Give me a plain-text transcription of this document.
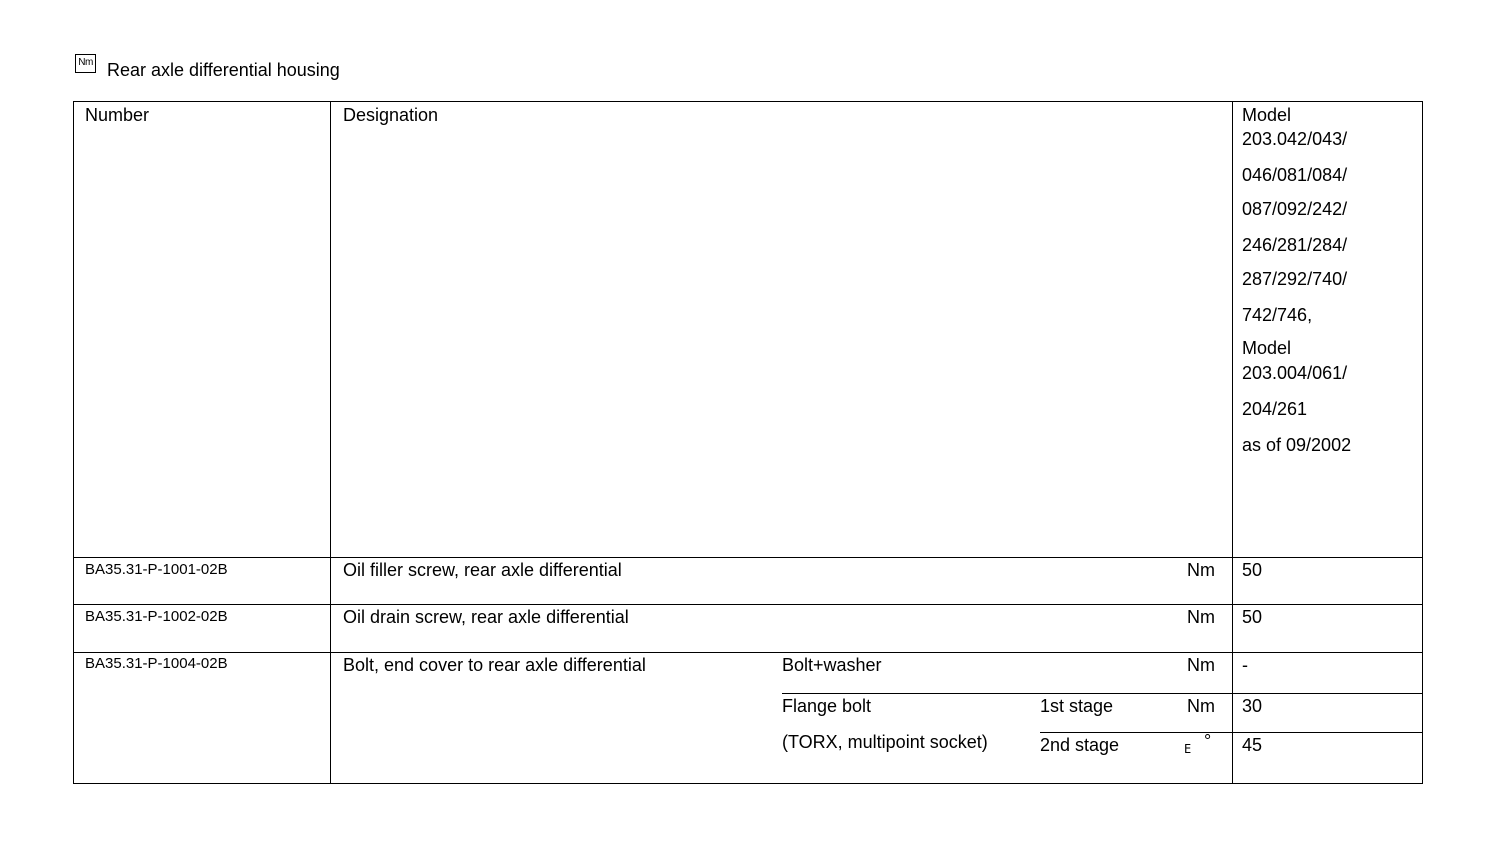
Nm Rear axle differential housing
Number	Designation	Model
203.042/043/
046/081/084/
087/092/242/
246/281/284/
287/292/740/
742/746,
Model
203.004/061/
204/261
as of 09/2002
BA35.31-P-1001-02B	Oil filler screw, rear axle differential	Nm 50
BA35.31-P-1002-02B	Oil drain screw, rear axle differential	Nm 50
BA35.31-P-1004-02B	Bolt, end cover to rear axle differential	Bolt+washer	Nm -
Flange bolt	1st stage	Nm 30
(TORX, multipoint socket)	2nd stage	E ° 45
